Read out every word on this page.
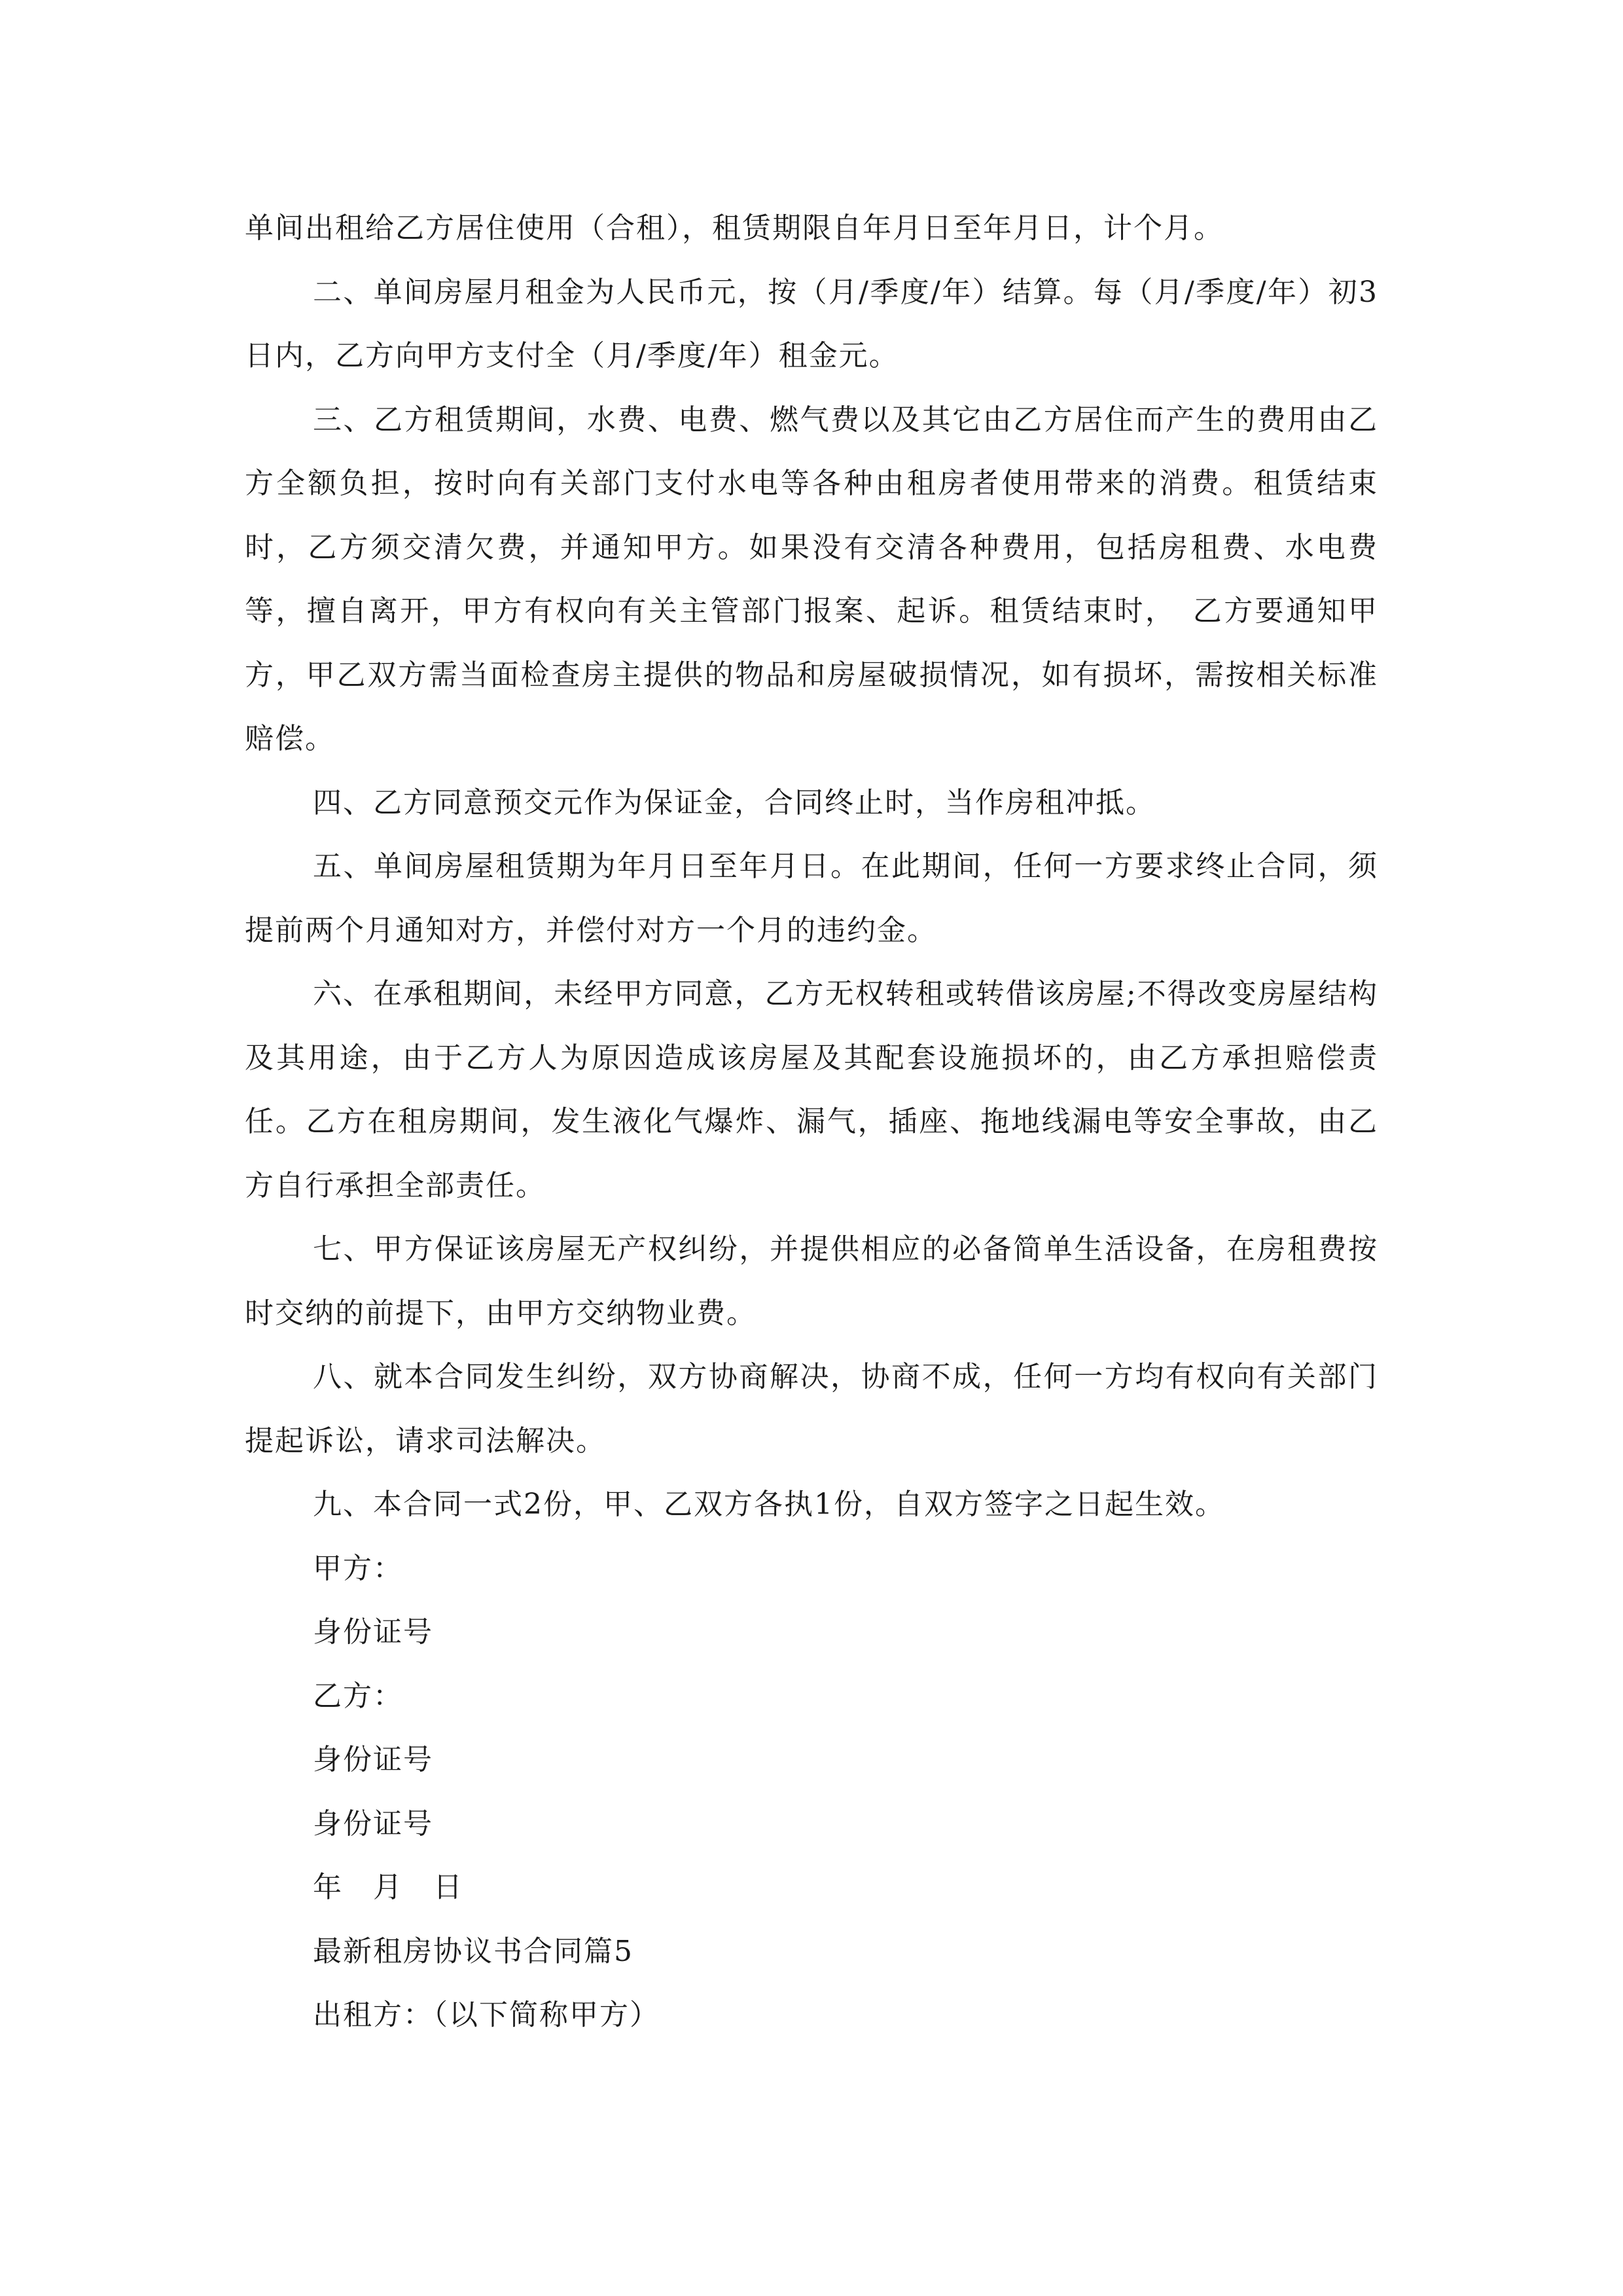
单间出租给乙方居住使用（合租），租赁期限自年月日至年月日，计个月。

二、单间房屋月租金为人民币元，按（月/季度/年）结算。每（月/季度/年）初3日内，乙方向甲方支付全（月/季度/年）租金元。

三、乙方租赁期间，水费、电费、燃气费以及其它由乙方居住而产生的费用由乙方全额负担，按时向有关部门支付水电等各种由租房者使用带来的消费。租赁结束时，乙方须交清欠费，并通知甲方。如果没有交清各种费用，包括房租费、水电费等，擅自离开，甲方有权向有关主管部门报案、起诉。租赁结束时，　乙方要通知甲方，甲乙双方需当面检查房主提供的物品和房屋破损情况，如有损坏，需按相关标准赔偿。

四、乙方同意预交元作为保证金，合同终止时，当作房租冲抵。

五、单间房屋租赁期为年月日至年月日。在此期间，任何一方要求终止合同，须提前两个月通知对方，并偿付对方一个月的违约金。

六、在承租期间，未经甲方同意，乙方无权转租或转借该房屋;不得改变房屋结构及其用途，由于乙方人为原因造成该房屋及其配套设施损坏的，由乙方承担赔偿责任。乙方在租房期间，发生液化气爆炸、漏气，插座、拖地线漏电等安全事故，由乙方自行承担全部责任。

七、甲方保证该房屋无产权纠纷，并提供相应的必备简单生活设备，在房租费按时交纳的前提下，由甲方交纳物业费。

八、就本合同发生纠纷，双方协商解决，协商不成，任何一方均有权向有关部门提起诉讼，请求司法解决。

九、本合同一式2份，甲、乙双方各执1份，自双方签字之日起生效。

甲方：

身份证号

乙方：

身份证号

身份证号

年　月　日

最新租房协议书合同篇5

出租方：（以下简称甲方）
